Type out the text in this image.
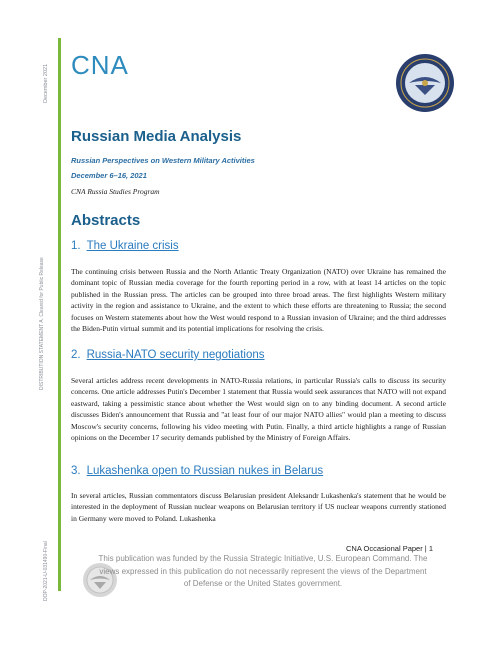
December 2021
DISTRIBUTION STATEMENT A. Cleared for Public Release
DOP-2021-U-031490-Final
CNA
Russian Media Analysis
Russian Perspectives on Western Military Activities
December 6–16, 2021
CNA Russia Studies Program
Abstracts
1. The Ukraine crisis
The continuing crisis between Russia and the North Atlantic Treaty Organization (NATO) over Ukraine has remained the dominant topic of Russian media coverage for the fourth reporting period in a row, with at least 14 articles on the topic published in the Russian press. The articles can be grouped into three broad areas. The first highlights Western military activity in the region and assistance to Ukraine, and the extent to which these efforts are threatening to Russia; the second focuses on Western statements about how the West would respond to a Russian invasion of Ukraine; and the third addresses the Biden-Putin virtual summit and its potential implications for resolving the crisis.
2. Russia-NATO security negotiations
Several articles address recent developments in NATO-Russia relations, in particular Russia's calls to discuss its security concerns. One article addresses Putin's December 1 statement that Russia would seek assurances that NATO will not expand eastward, taking a pessimistic stance about whether the West would sign on to any binding document. A second article discusses Biden's announcement that Russia and "at least four of our major NATO allies" would plan a meeting to discuss Moscow's security concerns, following his video meeting with Putin. Finally, a third article highlights a range of Russian opinions on the December 17 security demands published by the Ministry of Foreign Affairs.
3. Lukashenka open to Russian nukes in Belarus
In several articles, Russian commentators discuss Belarusian president Aleksandr Lukashenka's statement that he would be interested in the deployment of Russian nuclear weapons on Belarusian territory if US nuclear weapons currently stationed in Germany were moved to Poland. Lukashenka
CNA Occasional Paper | 1
This publication was funded by the Russia Strategic Initiative, U.S. European Command. The views expressed in this publication do not necessarily represent the views of the Department of Defense or the United States government.
